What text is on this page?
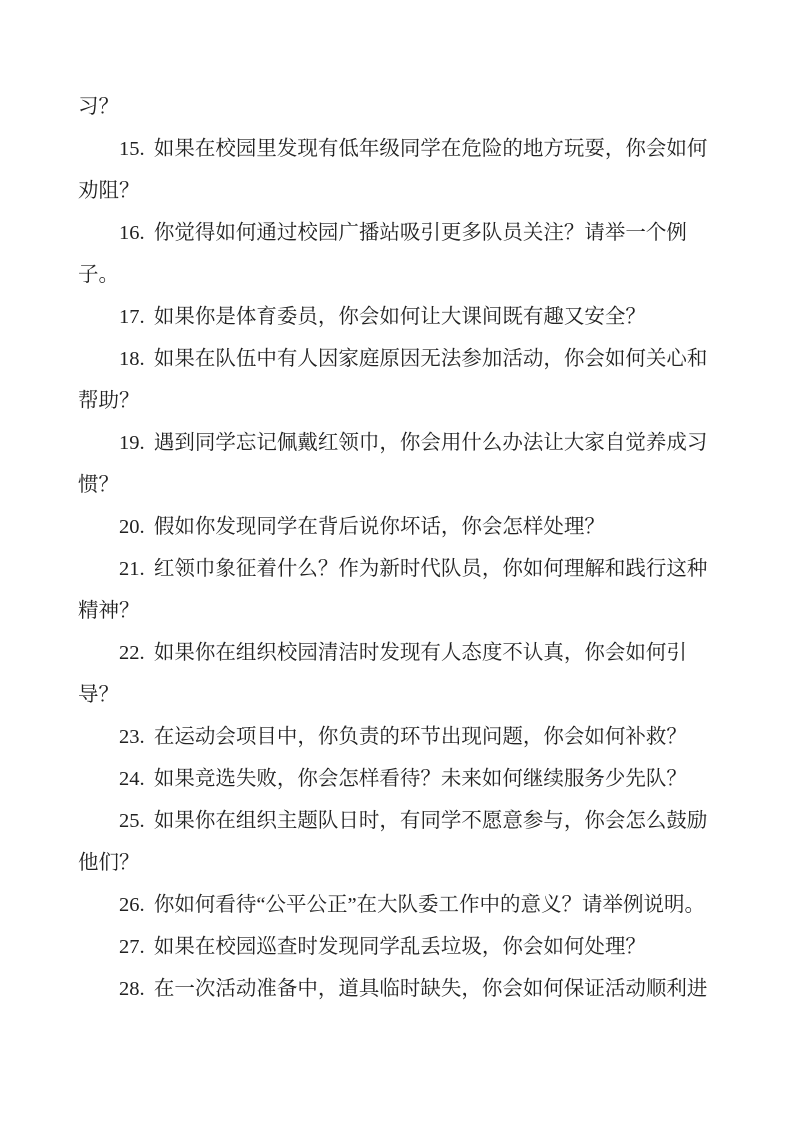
习？

15. 如果在校园里发现有低年级同学在危险的地方玩耍，你会如何劝阻？

16. 你觉得如何通过校园广播站吸引更多队员关注？请举一个例子。

17. 如果你是体育委员，你会如何让大课间既有趣又安全？

18. 如果在队伍中有人因家庭原因无法参加活动，你会如何关心和帮助？

19. 遇到同学忘记佩戴红领巾，你会用什么办法让大家自觉养成习惯？

20. 假如你发现同学在背后说你坏话，你会怎样处理？

21. 红领巾象征着什么？作为新时代队员，你如何理解和践行这种精神？

22. 如果你在组织校园清洁时发现有人态度不认真，你会如何引导？

23. 在运动会项目中，你负责的环节出现问题，你会如何补救？

24. 如果竞选失败，你会怎样看待？未来如何继续服务少先队？

25. 如果你在组织主题队日时，有同学不愿意参与，你会怎么鼓励他们？

26. 你如何看待“公平公正”在大队委工作中的意义？请举例说明。

27. 如果在校园巡查时发现同学乱丢垃圾，你会如何处理？

28. 在一次活动准备中，道具临时缺失，你会如何保证活动顺利进
